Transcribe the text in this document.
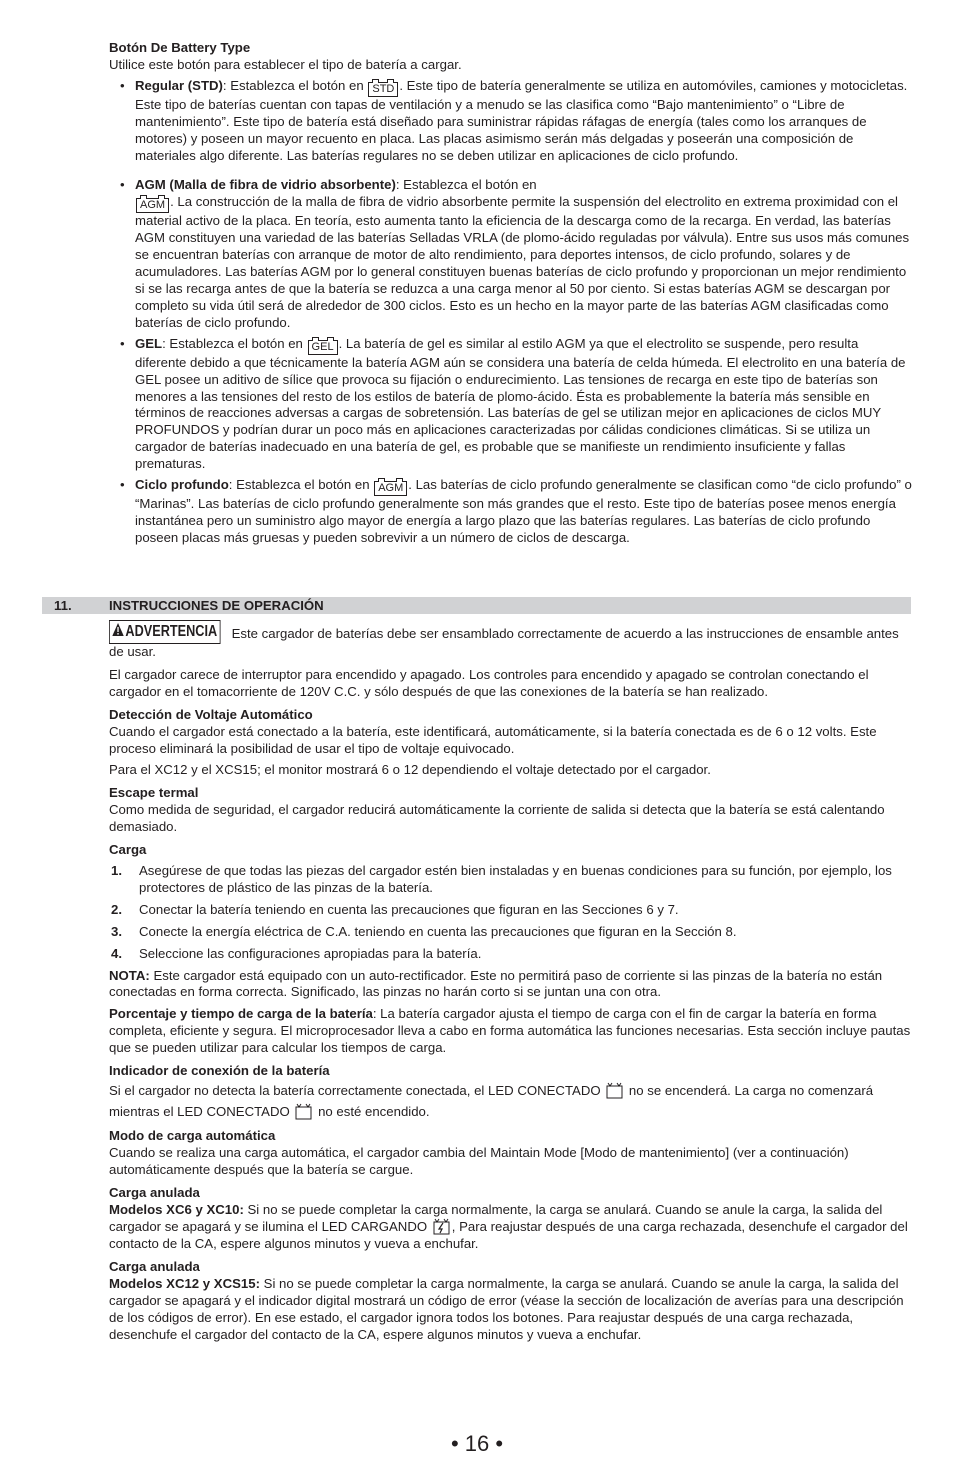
Botón De Battery Type

Utilice este botón para establecer el tipo de batería a cargar.

• Regular (STD): Establezca el botón en STD . Este tipo de batería generalmente se utiliza en automóviles, camiones y motocicletas. Este tipo de baterías cuentan con tapas de ventilación y a menudo se las clasifica como “Bajo mantenimiento” o “Libre de mantenimiento”. Este tipo de batería está diseñado para suministrar rápidas ráfagas de energía (tales como los arranques de motores) y poseen un mayor recuento en placa. Las placas asimismo serán más delgadas y poseerán una composición de materiales algo diferente. Las baterías regulares no se deben utilizar en aplicaciones de ciclo profundo.
• AGM (Malla de fibra de vidrio absorbente): Establezca el botón en
AGM . La construcción de la malla de fibra de vidrio absorbente permite la suspensión del electrolito en extrema proximidad con el material activo de la placa. En teoría, esto aumenta tanto la eficiencia de la descarga como de la recarga. En verdad, las baterías AGM constituyen una variedad de las baterías Selladas VRLA (de plomo-ácido reguladas por válvula). Entre sus usos más comunes se encuentran baterías con arranque de motor de alto rendimiento, para deportes intensos, de ciclo profundo, solares y de acumuladores. Las baterías AGM por lo general constituyen buenas baterías de ciclo profundo y proporcionan un mejor rendimiento si se las recarga antes de que la batería se reduzca a una carga menor al 50 por ciento. Si estas baterías AGM se descargan por completo su vida útil será de alrededor de 300 ciclos. Esto es un hecho en la mayor parte de las baterías AGM clasificadas como baterías de ciclo profundo.
• GEL: Establezca el botón en GEL . La batería de gel es similar al estilo AGM ya que el electrolito se suspende, pero resulta diferente debido a que técnicamente la batería AGM aún se considera una batería de celda húmeda. El electrolito en una batería de GEL posee un aditivo de sílice que provoca su fijación o endurecimiento. Las tensiones de recarga en este tipo de baterías son menores a las tensiones del resto de los estilos de batería de plomo-ácido. Ésta es probablemente la batería más sensible en términos de reacciones adversas a cargas de sobretensión. Las baterías de gel se utilizan mejor en aplicaciones de ciclos MUY PROFUNDOS y podrían durar un poco más en aplicaciones caracterizadas por cálidas condiciones climáticas. Si se utiliza un cargador de baterías inadecuado en una batería de gel, es probable que se manifieste un rendimiento insuficiente y fallas prematuras.
• Ciclo profundo: Establezca el botón en AGM . Las baterías de ciclo profundo generalmente se clasifican como “de ciclo profundo” o “Marinas”. Las baterías de ciclo profundo generalmente son más grandes que el resto. Este tipo de baterías posee menos energía instantánea pero un suministro algo mayor de energía a largo plazo que las baterías regulares. Las baterías de ciclo profundo poseen placas más gruesas y pueden sobrevivir a un número de ciclos de descarga.
11.	INSTRUCCIONES DE OPERACIÓN

ADVERTENCIA Este cargador de baterías debe ser ensamblado correctamente de acuerdo a las instrucciones de ensamble antes de usar.

El cargador carece de interruptor para encendido y apagado. Los controles para encendido y apagado se controlan conectando el cargador en el tomacorriente de 120V C.C. y sólo después de que las conexiones de la batería se han realizado.

Detección de Voltaje Automático

Cuando el cargador está conectado a la batería, este identificará, automáticamente, si la batería conectada es de 6 o 12 volts. Este proceso eliminará la posibilidad de usar el tipo de voltaje equivocado.

Para el XC12 y el XCS15; el monitor mostrará 6 o 12 dependiendo el voltaje detectado por el cargador.

Escape termal

Como medida de seguridad, el cargador reducirá automáticamente la corriente de salida si detecta que la batería se está calentando demasiado.

Carga

1. Asegúrese de que todas las piezas del cargador estén bien instaladas y en buenas condiciones para su función, por ejemplo, los protectores de plástico de las pinzas de la batería.
2. Conectar la batería teniendo en cuenta las precauciones que figuran en las Secciones 6 y 7.
3. Conecte la energía eléctrica de C.A. teniendo en cuenta las precauciones que figuran en la Sección 8.
4. Seleccione las configuraciones apropiadas para la batería.

NOTA: Este cargador está equipado con un auto-rectificador. Este no permitirá paso de corriente si las pinzas de la batería no están conectadas en forma correcta. Significado, las pinzas no harán corto si se juntan una con otra.

Porcentaje y tiempo de carga de la batería: La batería cargador ajusta el tiempo de carga con el fin de cargar la batería en forma completa, eficiente y segura. El microprocesador lleva a cabo en forma automática las funciones necesarias. Esta sección incluye pautas que se pueden utilizar para calcular los tiempos de carga.

Indicador de conexión de la batería

Si el cargador no detecta la batería correctamente conectada, el LED CONECTADO  no se encenderá. La carga no comenzará mientras el LED CONECTADO  no esté encendido.

Modo de carga automática

Cuando se realiza una carga automática, el cargador cambia del Maintain Mode [Modo de mantenimiento] (ver a continuación) automáticamente después que la batería se cargue.

Carga anulada

Modelos XC6 y XC10: Si no se puede completar la carga normalmente, la carga se anulará. Cuando se anule la carga, la salida del cargador se apagará y se ilumina el LED CARGANDO , Para reajustar después de una carga rechazada, desenchufe el cargador del contacto de la CA, espere algunos minutos y vueva a enchufar.

Carga anulada

Modelos XC12 y XCS15: Si no se puede completar la carga normalmente, la carga se anulará. Cuando se anule la carga, la salida del cargador se apagará y el indicador digital mostrará un código de error (véase la sección de localización de averías para una descripción de los códigos de error). En ese estado, el cargador ignora todos los botones. Para reajustar después de una carga rechazada, desenchufe el cargador del contacto de la CA, espere algunos minutos y vueva a enchufar.

• 16 •
